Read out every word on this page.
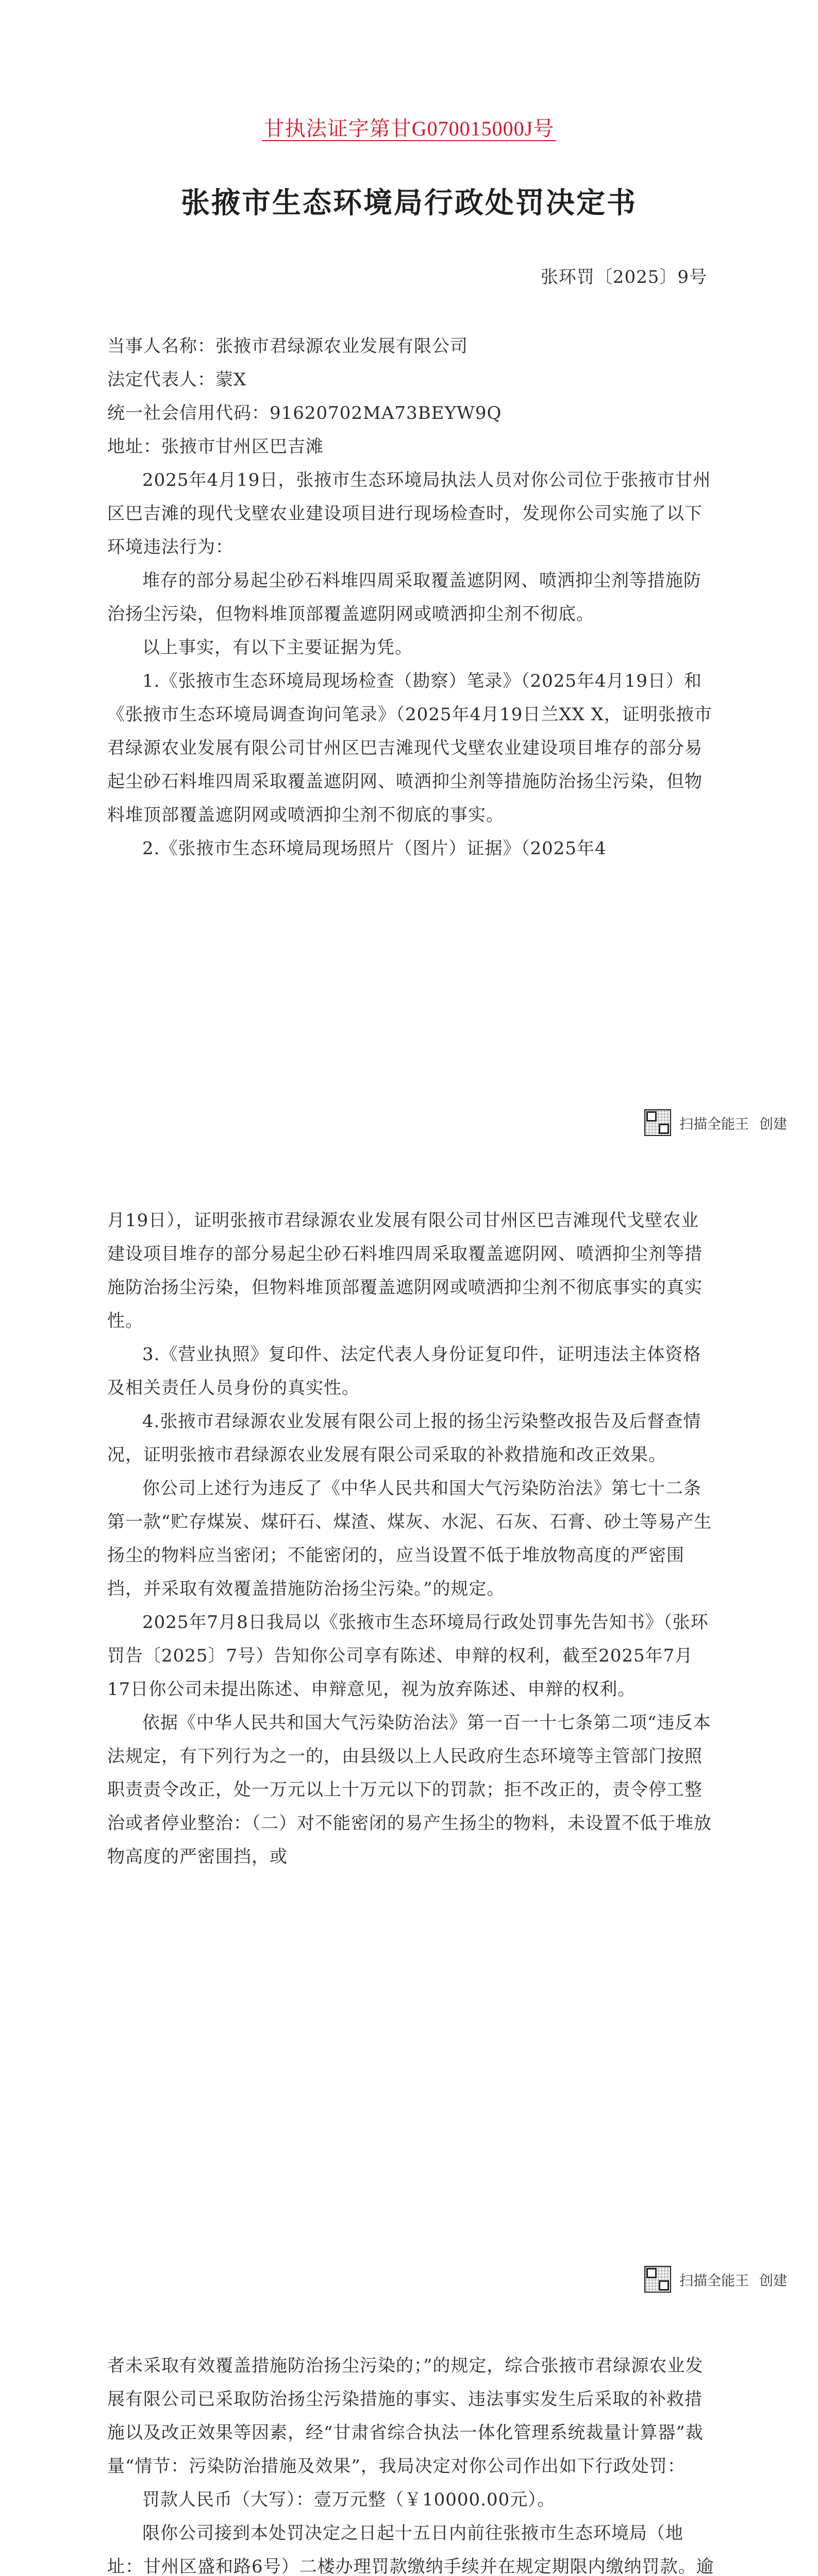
甘执法证字第甘G070015000J号
张掖市生态环境局行政处罚决定书
张环罚〔2025〕9号

当事人名称：张掖市君绿源农业发展有限公司

法定代表人：蒙X

统一社会信用代码：91620702MA73BEYW9Q

地址：张掖市甘州区巴吉滩

2025年4月19日，张掖市生态环境局执法人员对你公司位于张掖市甘州区巴吉滩的现代戈壁农业建设项目进行现场检查时，发现你公司实施了以下环境违法行为：

堆存的部分易起尘砂石料堆四周采取覆盖遮阴网、喷洒抑尘剂等措施防治扬尘污染，但物料堆顶部覆盖遮阴网或喷洒抑尘剂不彻底。

以上事实，有以下主要证据为凭。

1.《张掖市生态环境局现场检查（勘察）笔录》（2025年4月19日）和《张掖市生态环境局调查询问笔录》（2025年4月19日兰XX X，证明张掖市君绿源农业发展有限公司甘州区巴吉滩现代戈壁农业建设项目堆存的部分易起尘砂石料堆四周采取覆盖遮阴网、喷洒抑尘剂等措施防治扬尘污染，但物料堆顶部覆盖遮阴网或喷洒抑尘剂不彻底的事实。

2.《张掖市生态环境局现场照片（图片）证据》（2025年4

扫描全能王 创建

月19日），证明张掖市君绿源农业发展有限公司甘州区巴吉滩现代戈壁农业建设项目堆存的部分易起尘砂石料堆四周采取覆盖遮阴网、喷洒抑尘剂等措施防治扬尘污染，但物料堆顶部覆盖遮阴网或喷洒抑尘剂不彻底事实的真实性。

3.《营业执照》复印件、法定代表人身份证复印件，证明违法主体资格及相关责任人员身份的真实性。

4.张掖市君绿源农业发展有限公司上报的扬尘污染整改报告及后督查情况，证明张掖市君绿源农业发展有限公司采取的补救措施和改正效果。

你公司上述行为违反了《中华人民共和国大气污染防治法》第七十二条第一款“贮存煤炭、煤矸石、煤渣、煤灰、水泥、石灰、石膏、砂土等易产生扬尘的物料应当密闭；不能密闭的，应当设置不低于堆放物高度的严密围挡，并采取有效覆盖措施防治扬尘污染。”的规定。

2025年7月8日我局以《张掖市生态环境局行政处罚事先告知书》（张环罚告〔2025〕7号）告知你公司享有陈述、申辩的权利，截至2025年7月17日你公司未提出陈述、申辩意见，视为放弃陈述、申辩的权利。

依据《中华人民共和国大气污染防治法》第一百一十七条第二项“违反本法规定，有下列行为之一的，由县级以上人民政府生态环境等主管部门按照职责责令改正，处一万元以上十万元以下的罚款；拒不改正的，责令停工整治或者停业整治：（二）对不能密闭的易产生扬尘的物料，未设置不低于堆放物高度的严密围挡，或

扫描全能王 创建

者未采取有效覆盖措施防治扬尘污染的；”的规定，综合张掖市君绿源农业发展有限公司已采取防治扬尘污染措施的事实、违法事实发生后采取的补救措施以及改正效果等因素，经“甘肃省综合执法一体化管理系统裁量计算器”裁量“情节：污染防治措施及效果”，我局决定对你公司作出如下行政处罚：

罚款人民币（大写）：壹万元整（￥10000.00元）。

限你公司接到本处罚决定之日起十五日内前往张掖市生态环境局（地址：甘州区盛和路6号）二楼办理罚款缴纳手续并在规定期限内缴纳罚款。逾
